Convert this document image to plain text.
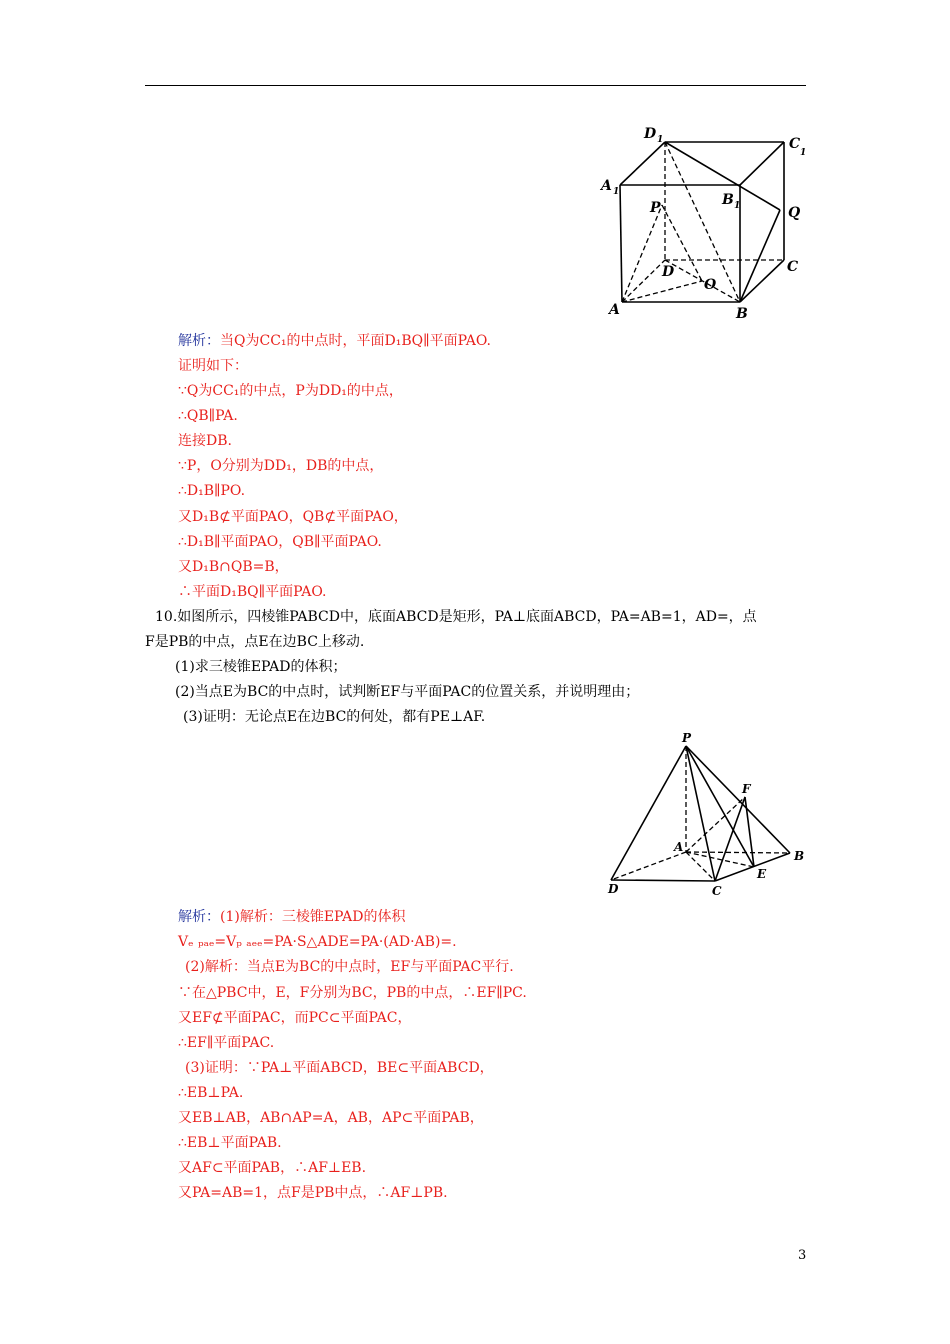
D 1	C
1
A 1	B 1
P	Q
D	C
O
A	B
解析：当Q为C​C₁的中点时，平面D₁BQ∥平面PAO.
证明如下：
∵Q为CC₁的中点，P为DD₁的中点，
∴QB∥PA.
连接DB.
∵P，O分别为DD₁，DB的中点，
∴D₁B∥PO.
又D₁B⊄平面PAO，QB⊄平面PAO，
∴D₁B∥平面PAO，QB∥平面PAO.
又D₁B∩QB=B，
∴平面D₁BQ∥平面PAO.
10.如图所示，四棱锥PABCD中，底面ABCD是矩形，PA⊥底面ABCD，PA=AB=1，AD=，点
F是PB的中点，点E在边BC上移动.
(1)求三棱锥EPAD的体积；
(2)当点E为BC的中点时，试判断EF与平面PAC的位置关系，并说明理由；
(3)证明：无论点E在边BC的何处，都有PE⊥AF.
P
F
A
B
E
D	C
解析：(1)解析：三棱锥EPAD的体积
Vₑ ₚₐₑ=Vₚ ₐₑₑ=PA·S△ADE=PA·(AD·AB)=.
(2)解析：当点E为BC的中点时，EF与平面PAC平行.
∵在△PBC中，E，F分别为BC，PB的中点，∴EF∥PC.
又EF⊄平面PAC，而PC⊂平面PAC，
∴EF∥平面PAC.
(3)证明：∵PA⊥平面ABCD，BE⊂平面ABCD，
∴EB⊥PA.
又EB⊥AB，AB∩AP=A，AB，AP⊂平面PAB，
∴EB⊥平面PAB.
又AF⊂平面PAB，∴AF⊥EB.
又PA=AB=1，点F是PB中点，∴AF⊥PB.
3
